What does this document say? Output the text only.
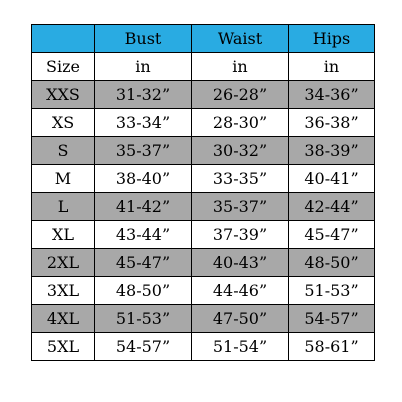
	Bust	Waist	Hips
Size	in	in	in
XXS	31-32”	26-28”	34-36”
XS	33-34”	28-30”	36-38”
S	35-37”	30-32”	38-39”
M	38-40”	33-35”	40-41”
L	41-42”	35-37”	42-44”
XL	43-44”	37-39”	45-47”
2XL	45-47”	40-43”	48-50”
3XL	48-50”	44-46”	51-53”
4XL	51-53”	47-50”	54-57”
5XL	54-57”	51-54”	58-61”
